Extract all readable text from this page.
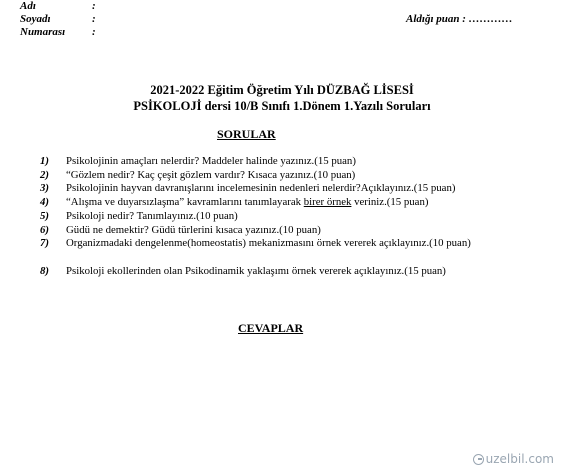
Adı	:
Soyadı	:
Numarası :
Aldığı puan : …………
2021-2022 Eğitim Öğretim Yılı DÜZBAĞ LİSESİ
PSİKOLOJİ dersi 10/B Sınıfı 1.Dönem 1.Yazılı Soruları
SORULAR
1) Psikolojinin amaçları nelerdir? Maddeler halinde yazınız.(15 puan)
2) “Gözlem nedir? Kaç çeşit gözlem vardır? Kısaca yazınız.(10 puan)
3) Psikolojinin hayvan davranışlarını incelemesinin nedenleri nelerdir?Açıklayınız.(15 puan)
4) “Alışma ve duyarsızlaşma” kavramlarını tanımlayarak birer örnek veriniz.(15 puan)
5) Psikoloji nedir? Tanımlayınız.(10 puan)
6) Güdü ne demektir? Güdü türlerini kısaca yazınız.(10 puan)
7) Organizmadaki dengelenme(homeostatis) mekanizmasını örnek vererek açıklayınız.(10 puan)
8) Psikoloji ekollerinden olan Psikodinamik yaklaşımı örnek vererek açıklayınız.(15 puan)
CEVAPLAR
uzelbil.com
